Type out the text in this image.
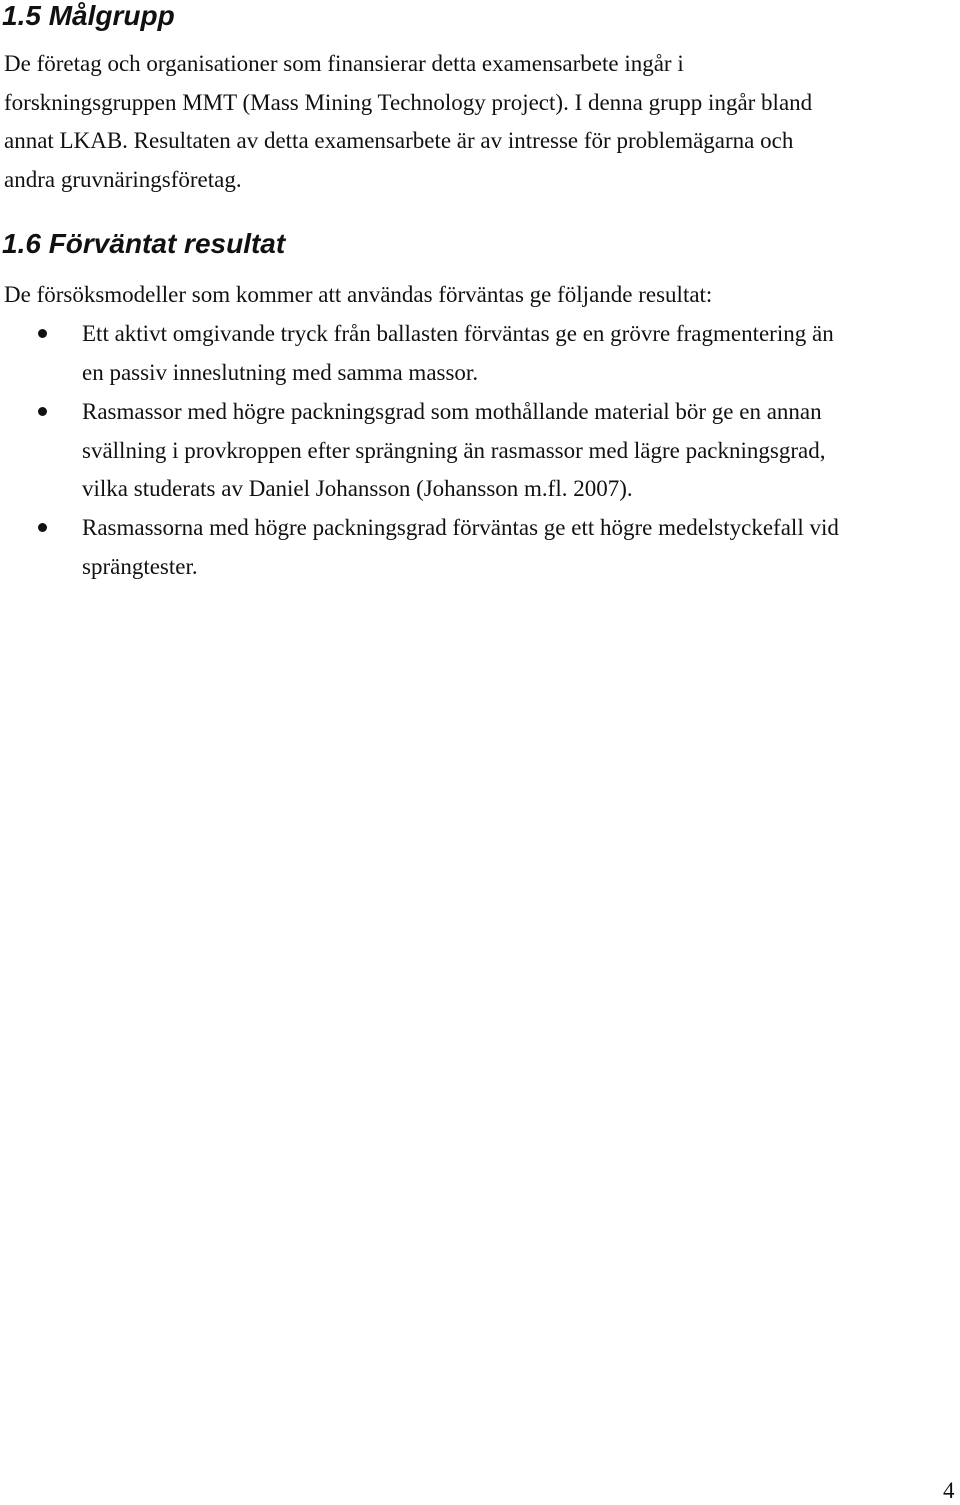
1.5 Målgrupp

De företag och organisationer som finansierar detta examensarbete ingår i

forskningsgruppen MMT (Mass Mining Technology project). I denna grupp ingår bland

annat LKAB. Resultaten av detta examensarbete är av intresse för problemägarna och

andra gruvnäringsföretag.

1.6 Förväntat resultat

De försöksmodeller som kommer att användas förväntas ge följande resultat:

Ett aktivt omgivande tryck från ballasten förväntas ge en grövre fragmentering än

en passiv inneslutning med samma massor.

Rasmassor med högre packningsgrad som mothållande material bör ge en annan

svällning i provkroppen efter sprängning än rasmassor med lägre packningsgrad,

vilka studerats av Daniel Johansson (Johansson m.fl. 2007).

Rasmassorna med högre packningsgrad förväntas ge ett högre medelstyckefall vid

sprängtester.

4
